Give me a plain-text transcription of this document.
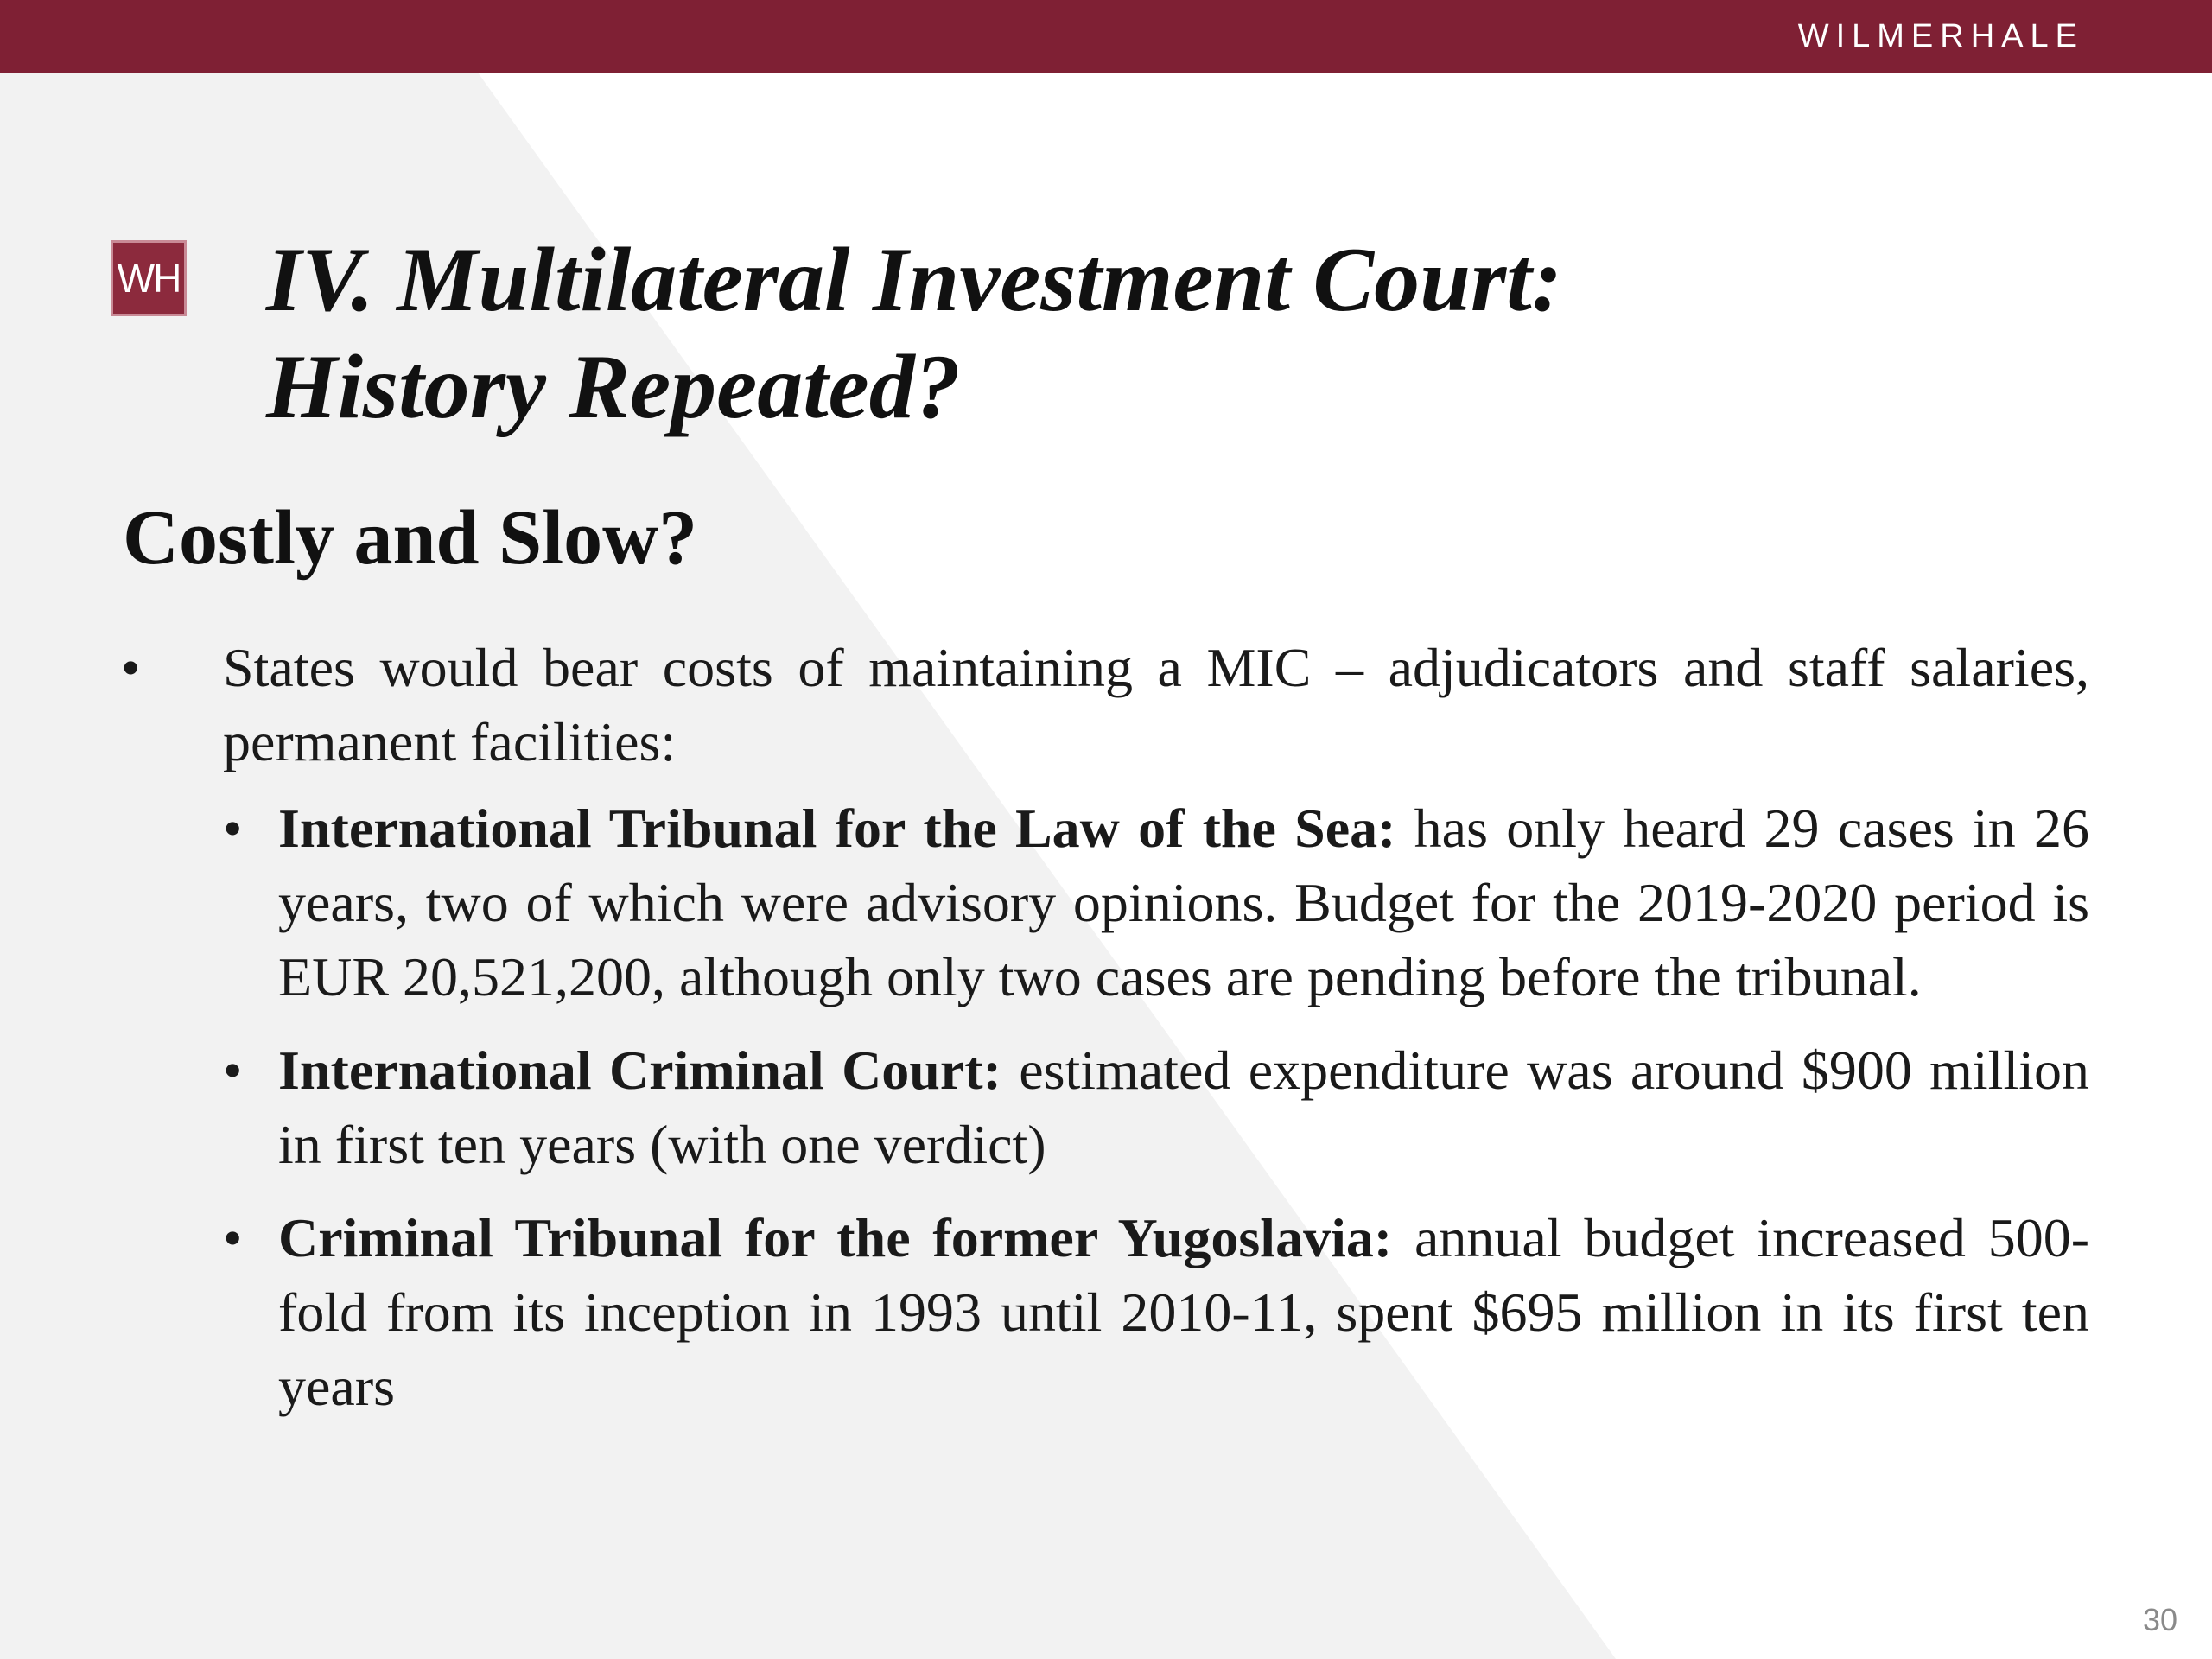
WILMERHALE
WH IV. Multilateral Investment Court:
History Repeated?
Costly and Slow?
• States would bear costs of maintaining a MIC – adjudicators and staff salaries, permanent facilities:
• International Tribunal for the Law of the Sea: has only heard 29 cases in 26 years, two of which were advisory opinions. Budget for the 2019-2020 period is EUR 20,521,200, although only two cases are pending before the tribunal.
• International Criminal Court: estimated expenditure was around $900 million in first ten years (with one verdict)
• Criminal Tribunal for the former Yugoslavia: annual budget increased 500-fold from its inception in 1993 until 2010-11, spent $695 million in its first ten years
30
